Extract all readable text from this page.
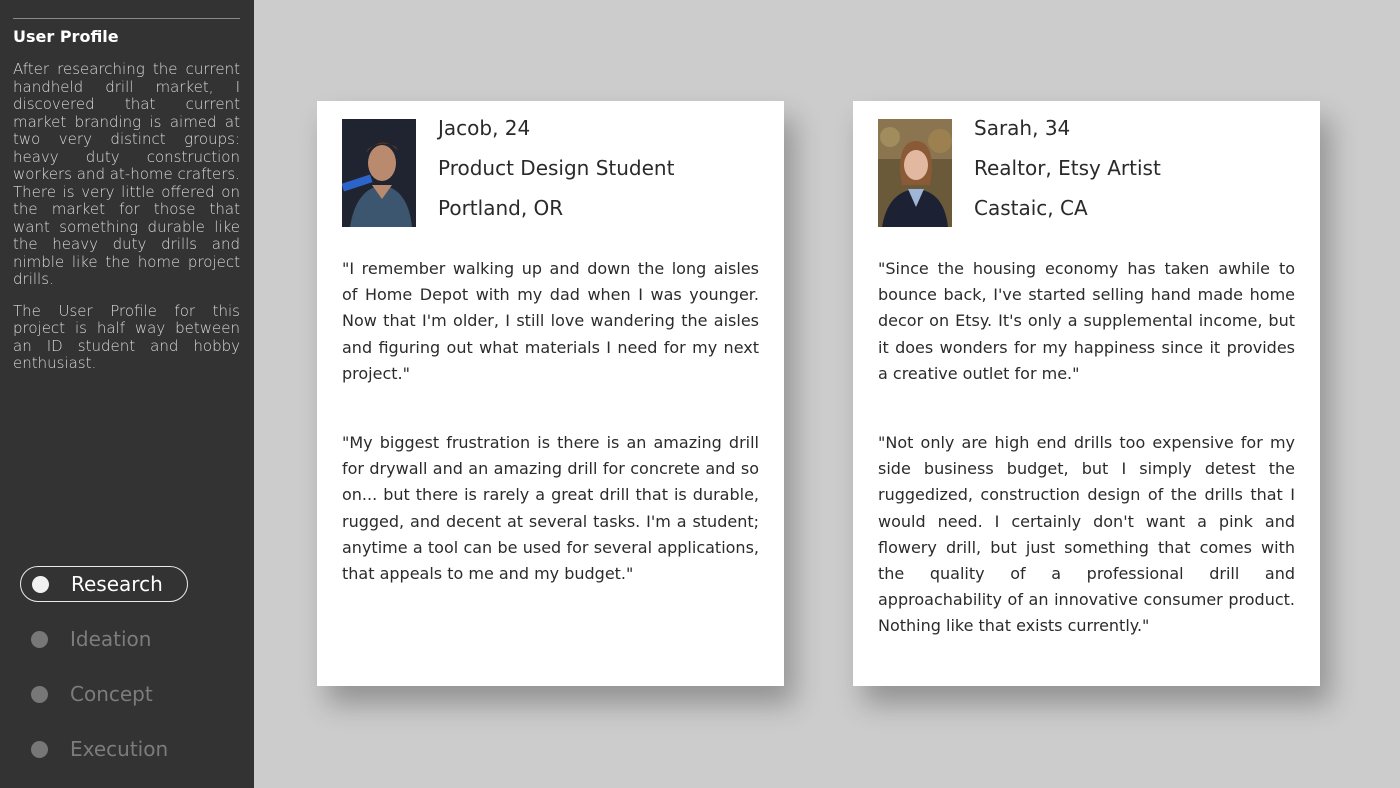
User Profile

After researching the current handheld drill market, I discovered that current market branding is aimed at two very distinct groups: heavy duty construction workers and at-home crafters. There is very little offered on the market for those that want something durable like the heavy duty drills and nimble like the home project drills.

The User Profile for this project is half way between an ID student and hobby enthusiast.

Research
Ideation
Concept
Execution
Jacob, 24
Product Design Student
Portland, OR
"I remember walking up and down the long aisles of Home Depot with my dad when I was younger. Now that I'm older, I still love wandering the aisles and figuring out what materials I need for my next project."
"My biggest frustration is there is an amazing drill for drywall and an amazing drill for concrete and so on... but there is rarely a great drill that is durable, rugged, and decent at several tasks. I'm a student; anytime a tool can be used for several applications, that appeals to me and my budget."
Sarah, 34
Realtor, Etsy Artist
Castaic, CA
"Since the housing economy has taken awhile to bounce back, I've started selling hand made home decor on Etsy. It's only a supplemental income, but it does wonders for my happiness since it provides a creative outlet for me."
"Not only are high end drills too expensive for my side business budget, but I simply detest the ruggedized, construction design of the drills that I would need. I certainly don't want a pink and flowery drill, but just something that comes with the quality of a professional drill and approachability of an innovative consumer product. Nothing like that exists currently."
